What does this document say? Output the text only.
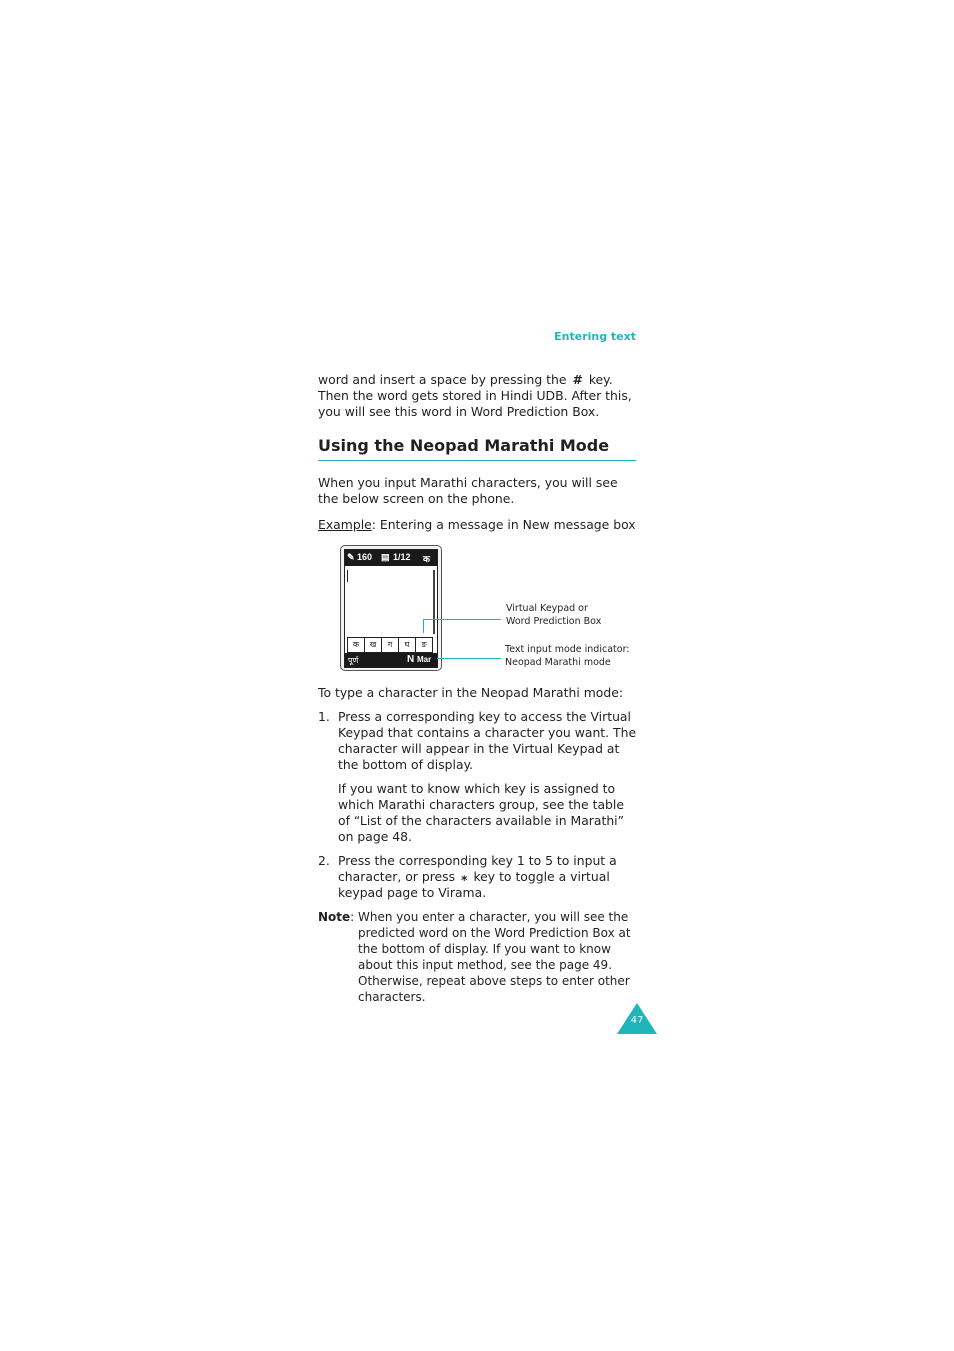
Entering text
word and insert a space by pressing the # key. Then the word gets stored in Hindi UDB. After this, you will see this word in Word Prediction Box.
Using the Neopad Marathi Mode
When you input Marathi characters, you will see the below screen on the phone.
Example: Entering a message in New message box
✎ 160 ▤ 1/12 क
क	ख	ग	घ	ङ
पूर्ण	N Mar
Virtual Keypad or
Word Prediction Box
Text input mode indicator:
Neopad Marathi mode
To type a character in the Neopad Marathi mode:
1. Press a corresponding key to access the Virtual Keypad that contains a character you want. The character will appear in the Virtual Keypad at the bottom of display.
If you want to know which key is assigned to which Marathi characters group, see the table of “List of the characters available in Marathi” on page 48.
2. Press the corresponding key 1 to 5 to input a character, or press ⁎ key to toggle a virtual keypad page to Virama.
Note: When you enter a character, you will see the predicted word on the Word Prediction Box at the bottom of display. If you want to know about this input method, see the page 49. Otherwise, repeat above steps to enter other characters.
47
